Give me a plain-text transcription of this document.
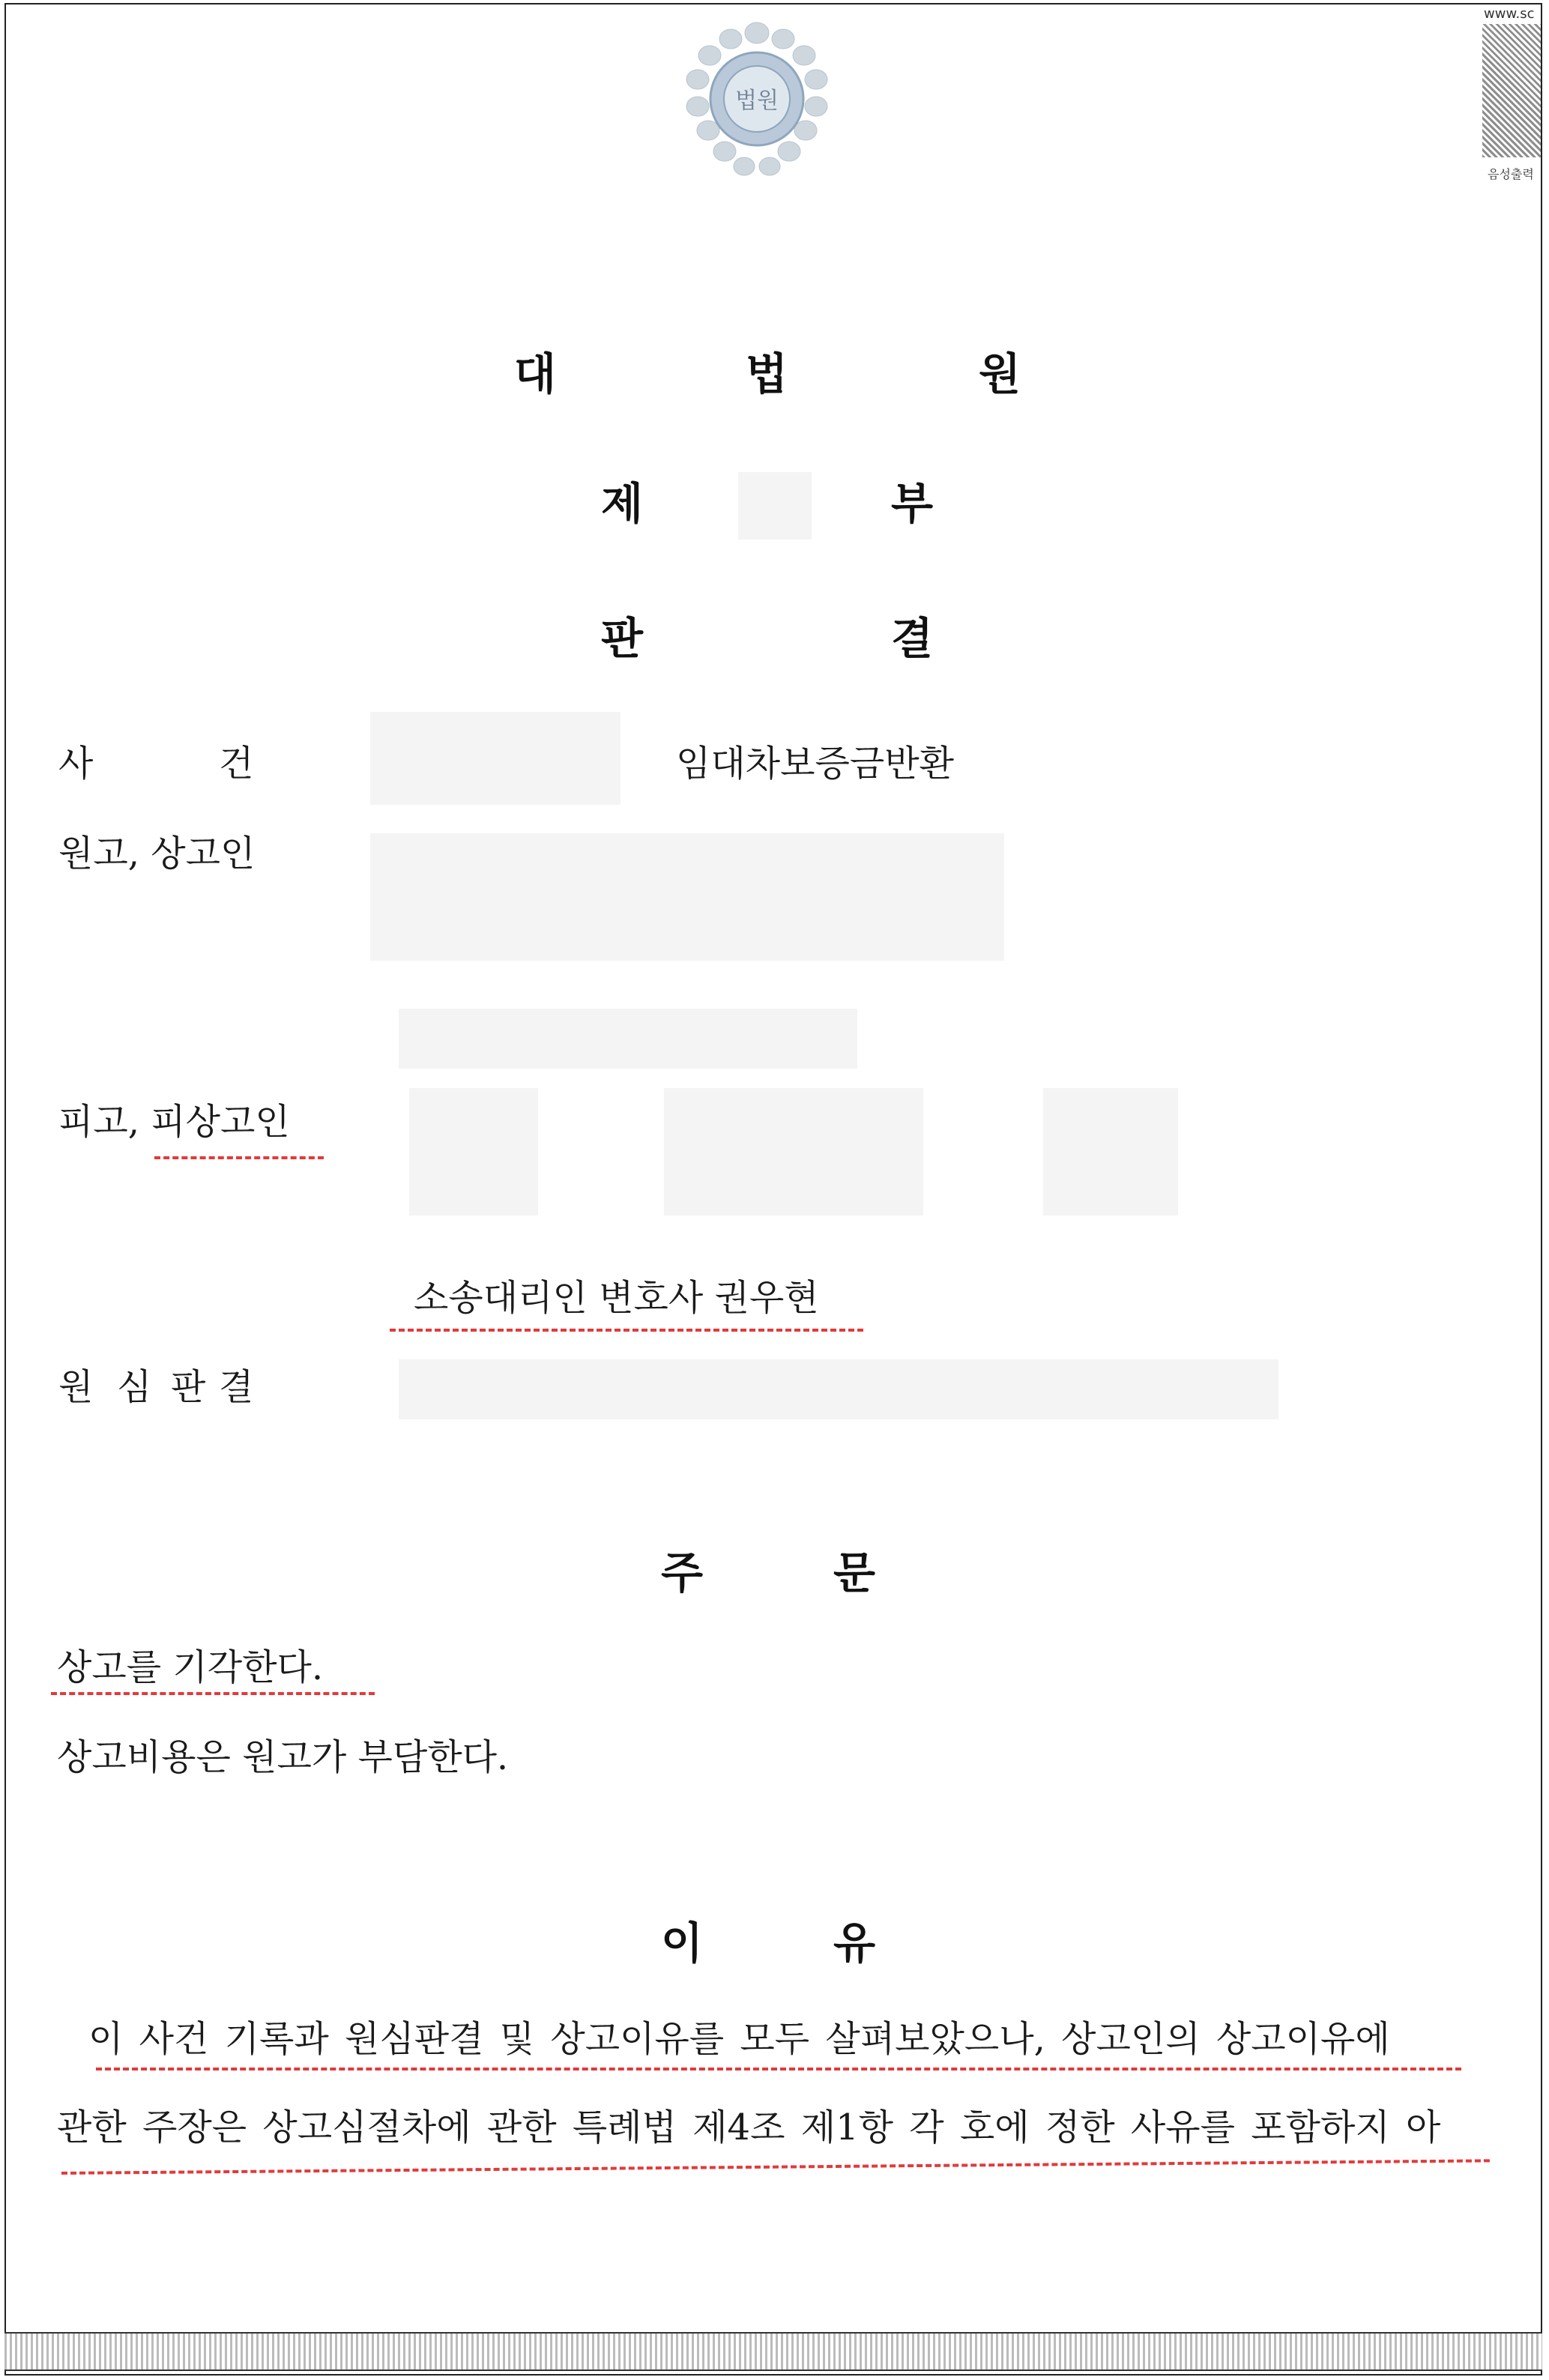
법원
www.sc
음성출력
대	법	원
제	부
판	결
사	건	임대차보증금반환
원고, 상고인
피고, 피상고인
소송대리인 변호사 권우현
원 심 판 결
주	문
상고를 기각한다.
상고비용은 원고가 부담한다.
이	유
이 사건 기록과 원심판결 및 상고이유를 모두 살펴보았으나, 상고인의 상고이유에
관한 주장은 상고심절차에 관한 특례법 제4조 제1항 각 호에 정한 사유를 포함하지 아
